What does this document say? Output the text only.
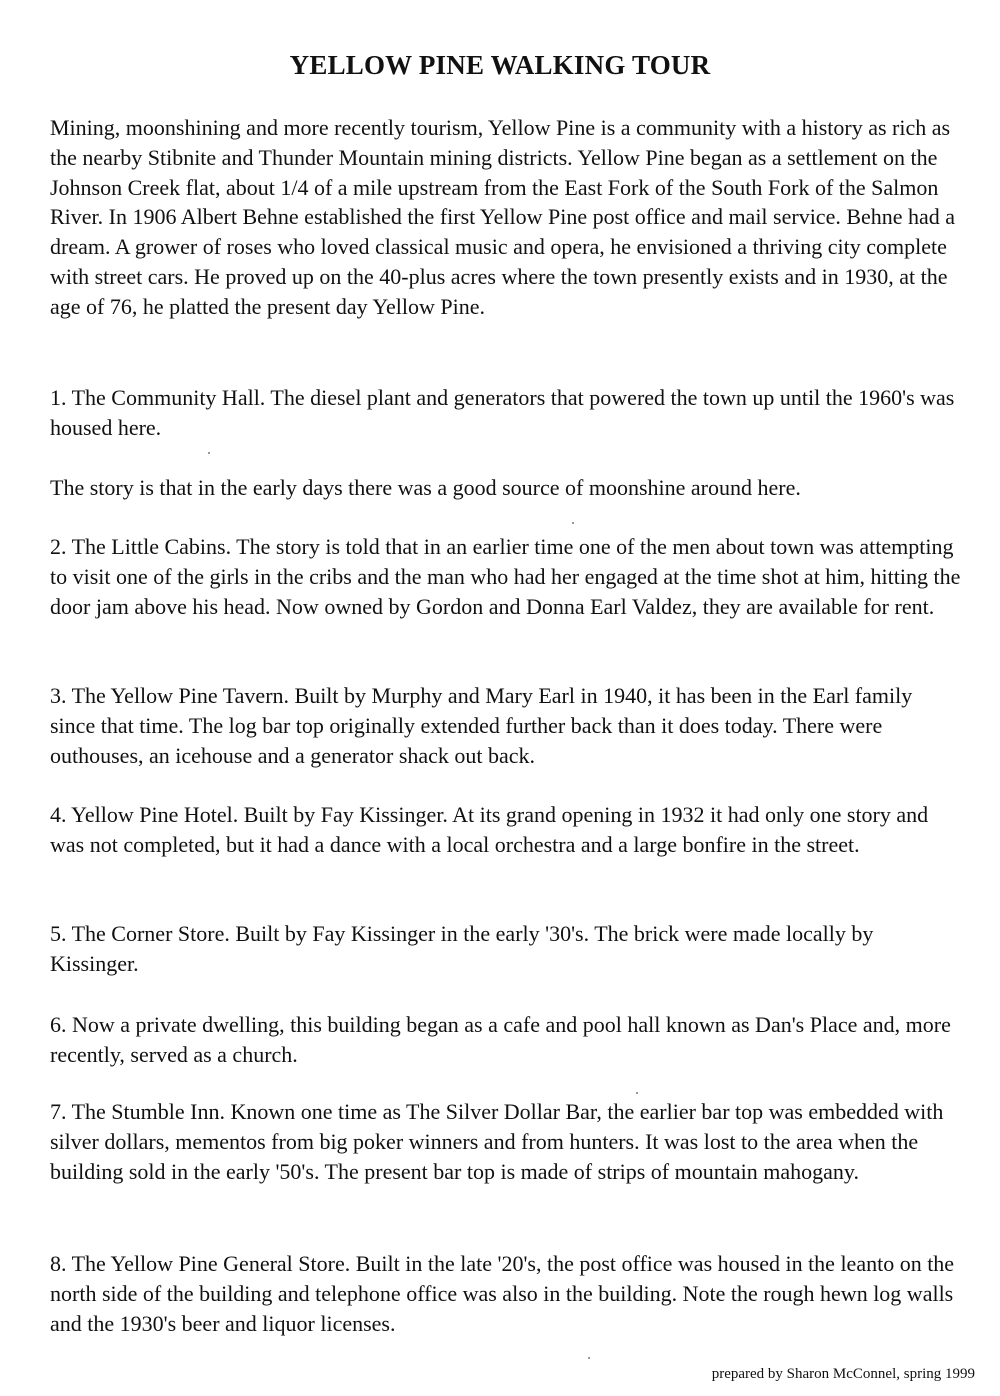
YELLOW PINE WALKING TOUR
Mining, moonshining and more recently tourism, Yellow Pine is a community with a history as rich as the nearby Stibnite and Thunder Mountain mining districts. Yellow Pine began as a settlement on the Johnson Creek flat, about 1/4 of a mile upstream from the East Fork of the South Fork of the Salmon River. In 1906 Albert Behne established the first Yellow Pine post office and mail service. Behne had a dream. A grower of roses who loved classical music and opera, he envisioned a thriving city complete with street cars. He proved up on the 40-plus acres where the town presently exists and in 1930, at the age of 76, he platted the present day Yellow Pine.
1. The Community Hall. The diesel plant and generators that powered the town up until the 1960's was housed here.
The story is that in the early days there was a good source of moonshine around here.
2. The Little Cabins. The story is told that in an earlier time one of the men about town was attempting to visit one of the girls in the cribs and the man who had her engaged at the time shot at him, hitting the door jam above his head. Now owned by Gordon and Donna Earl Valdez, they are available for rent.
3. The Yellow Pine Tavern. Built by Murphy and Mary Earl in 1940, it has been in the Earl family since that time. The log bar top originally extended further back than it does today. There were outhouses, an icehouse and a generator shack out back.
4. Yellow Pine Hotel. Built by Fay Kissinger. At its grand opening in 1932 it had only one story and was not completed, but it had a dance with a local orchestra and a large bonfire in the street.
5. The Corner Store. Built by Fay Kissinger in the early '30's. The brick were made locally by Kissinger.
6. Now a private dwelling, this building began as a cafe and pool hall known as Dan's Place and, more recently, served as a church.
7. The Stumble Inn. Known one time as The Silver Dollar Bar, the earlier bar top was embedded with silver dollars, mementos from big poker winners and from hunters. It was lost to the area when the building sold in the early '50's. The present bar top is made of strips of mountain mahogany.
8. The Yellow Pine General Store. Built in the late '20's, the post office was housed in the leanto on the north side of the building and telephone office was also in the building. Note the rough hewn log walls and the 1930's beer and liquor licenses.
prepared by Sharon McConnel, spring 1999
